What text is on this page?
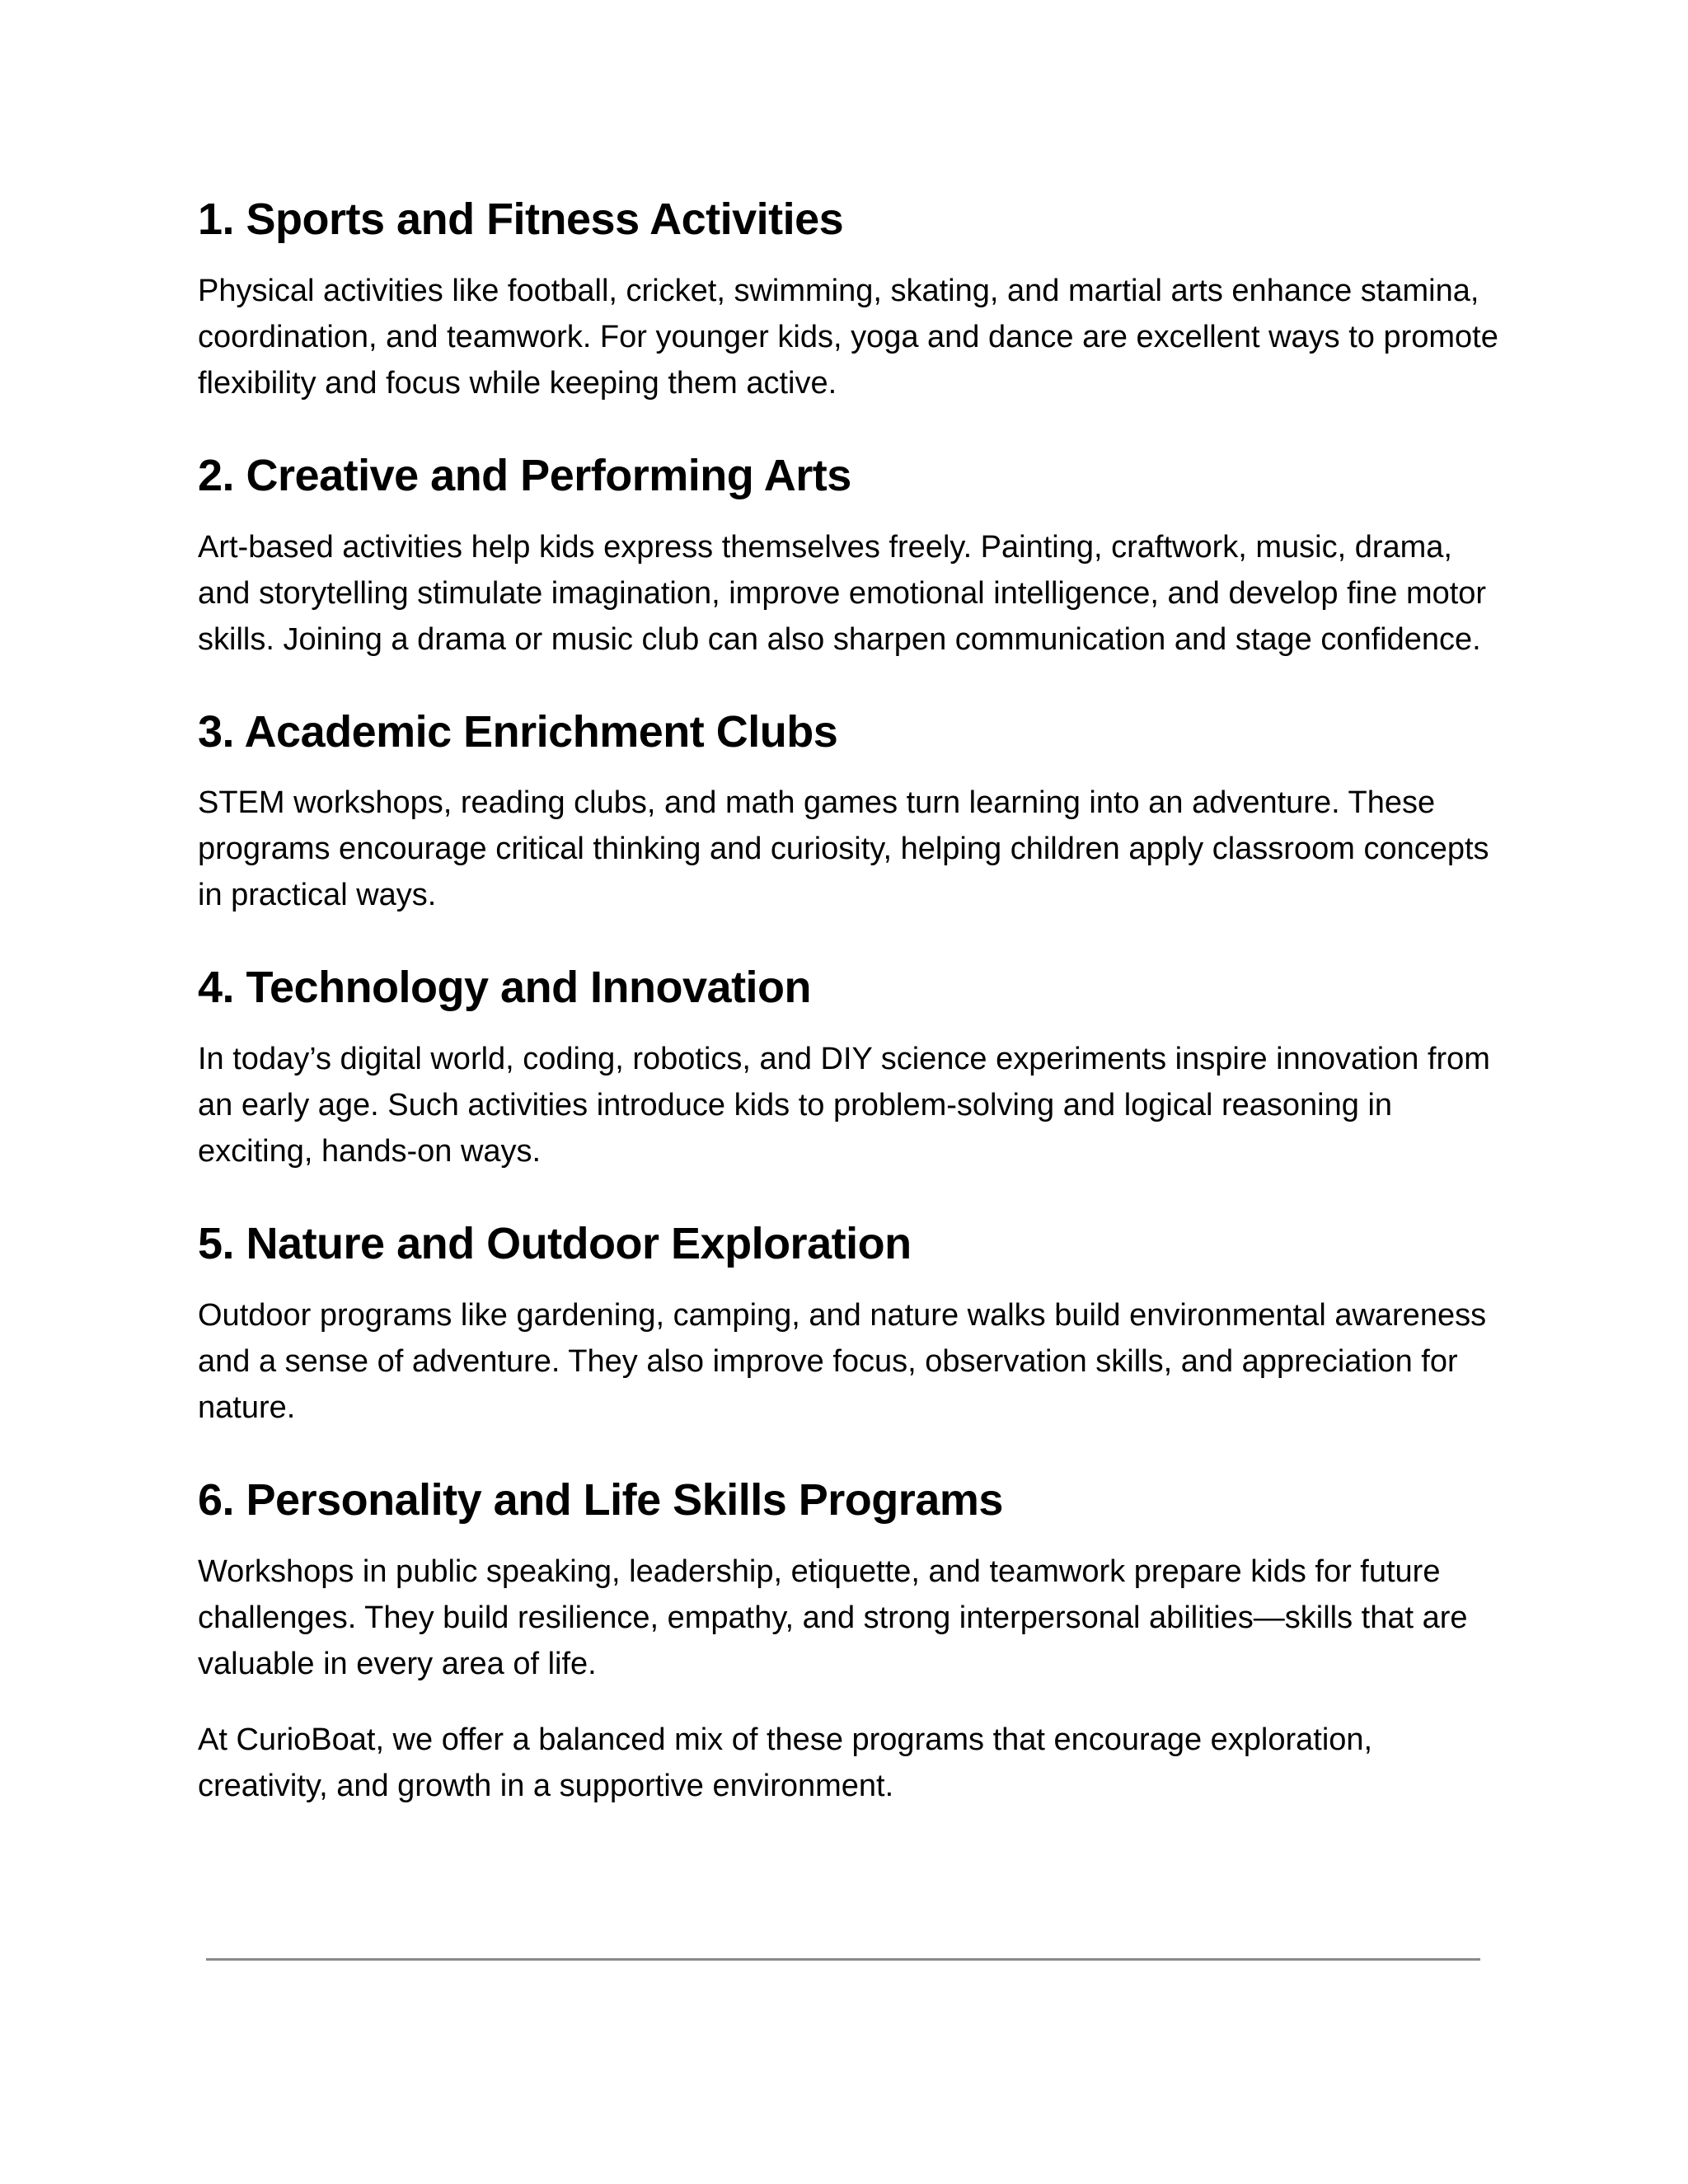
1. Sports and Fitness Activities

Physical activities like football, cricket, swimming, skating, and martial arts enhance stamina, coordination, and teamwork. For younger kids, yoga and dance are excellent ways to promote flexibility and focus while keeping them active.

2. Creative and Performing Arts

Art-based activities help kids express themselves freely. Painting, craftwork, music, drama, and storytelling stimulate imagination, improve emotional intelligence, and develop fine motor skills. Joining a drama or music club can also sharpen communication and stage confidence.

3. Academic Enrichment Clubs

STEM workshops, reading clubs, and math games turn learning into an adventure. These programs encourage critical thinking and curiosity, helping children apply classroom concepts in practical ways.

4. Technology and Innovation

In today’s digital world, coding, robotics, and DIY science experiments inspire innovation from an early age. Such activities introduce kids to problem-solving and logical reasoning in exciting, hands-on ways.

5. Nature and Outdoor Exploration

Outdoor programs like gardening, camping, and nature walks build environmental awareness and a sense of adventure. They also improve focus, observation skills, and appreciation for nature.

6. Personality and Life Skills Programs

Workshops in public speaking, leadership, etiquette, and teamwork prepare kids for future challenges. They build resilience, empathy, and strong interpersonal abilities—skills that are valuable in every area of life.

At CurioBoat, we offer a balanced mix of these programs that encourage exploration, creativity, and growth in a supportive environment.
